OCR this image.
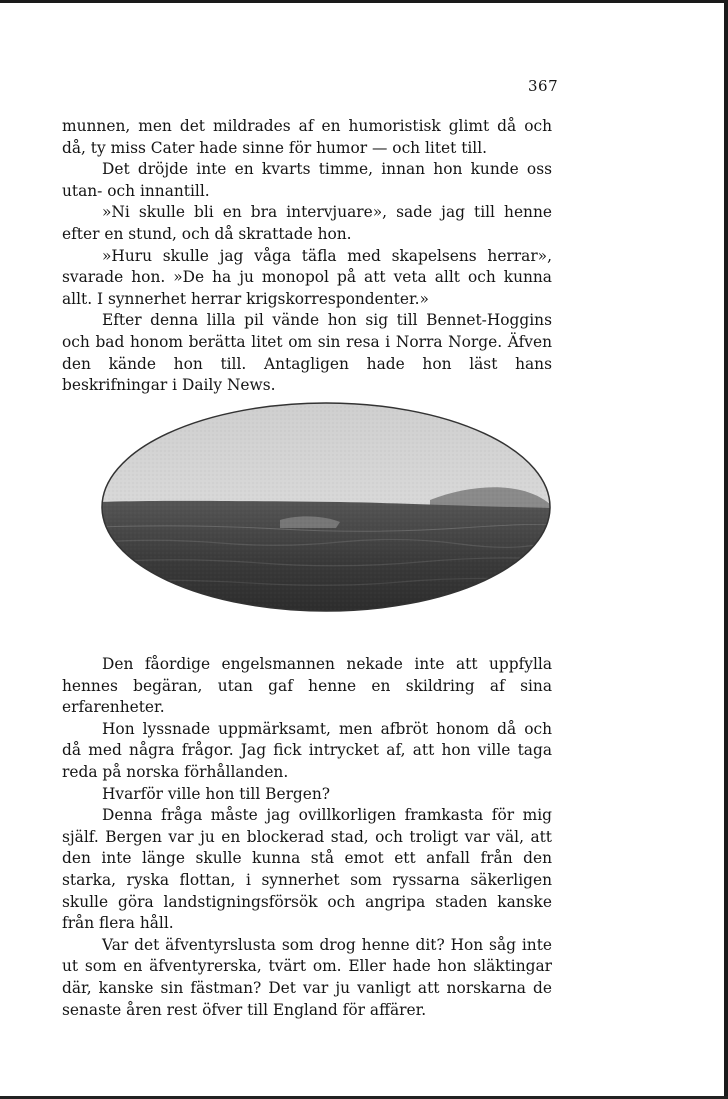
367

munnen, men det mildrades af en humoristisk glimt då och då, ty miss Cater hade sinne för humor — och litet till.

Det dröjde inte en kvarts timme, innan hon kunde oss utan- och innantill.

»Ni skulle bli en bra intervjuare», sade jag till henne efter en stund, och då skrattade hon.

»Huru skulle jag våga täfla med skapelsens herrar», svarade hon. »De ha ju monopol på att veta allt och kunna allt. I synnerhet herrar krigskorrespondenter.»

Efter denna lilla pil vände hon sig till Bennet-Hoggins och bad honom berätta litet om sin resa i Norra Norge. Äfven den kände hon till. Antagligen hade hon läst hans beskrifningar i Daily News.

Den fåordige engelsmannen nekade inte att uppfylla hennes begäran, utan gaf henne en skildring af sina erfarenheter.

Hon lyssnade uppmärksamt, men afbröt honom då och då med några frågor. Jag fick intrycket af, att hon ville taga reda på norska förhållanden.

Hvarför ville hon till Bergen?

Denna fråga måste jag ovillkorligen framkasta för mig själf. Bergen var ju en blockerad stad, och troligt var väl, att den inte länge skulle kunna stå emot ett anfall från den starka, ryska flottan, i synnerhet som ryssarna säkerligen skulle göra landstigningsförsök och angripa staden kanske från flera håll.

Var det äfventyrslusta som drog henne dit? Hon såg inte ut som en äfventyrerska, tvärt om. Eller hade hon släktingar där, kanske sin fästman? Det var ju vanligt att norskarna de senaste åren rest öfver till England för affärer.
